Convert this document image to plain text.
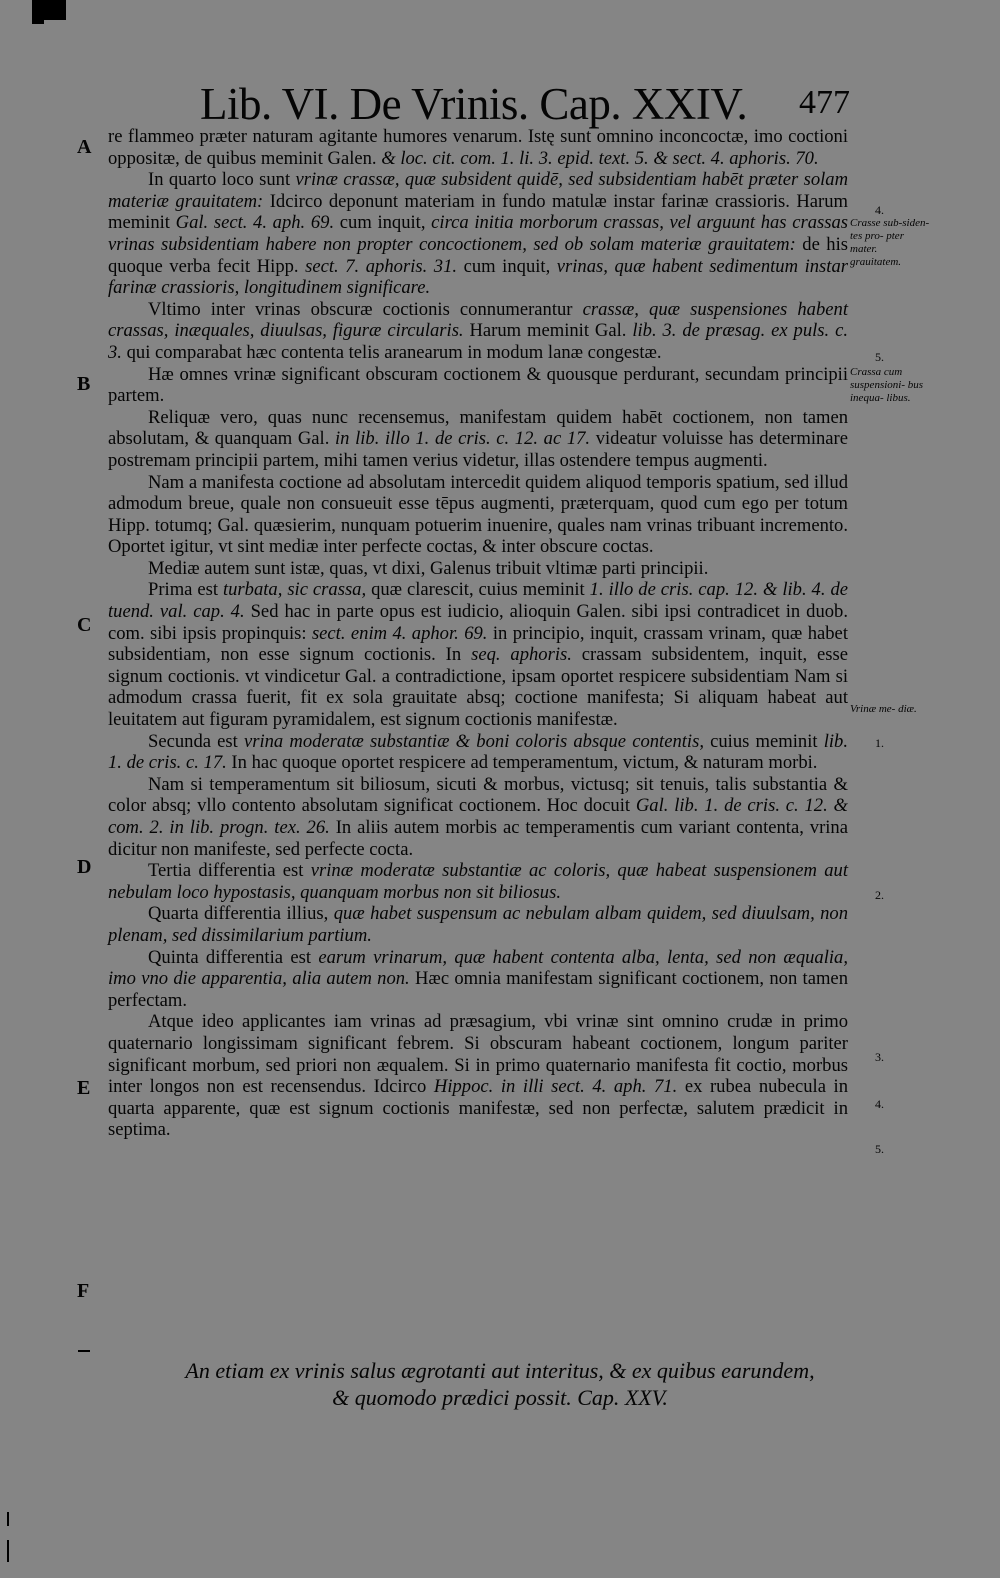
Lib. VI. De Vrinis. Cap. XXIV. 477
A
B
C
D
E
F
4.
Crasse sub-siden- tes pro- pter mater. grauitatem.
5.
Crassa cum suspensioni- bus inequa- libus.
Vrinæ me- diæ.
1.
2.
3.
4.
5.

re flammeo præter naturam agitante humores venarum. Istę sunt omnino inconcoctæ, imo coctioni oppositæ, de quibus meminit Galen. & loc. cit. com. 1. li. 3. epid. text. 5. & sect. 4. aphoris. 70.

In quarto loco sunt vrinæ crassæ, quæ subsident quidē, sed subsidentiam habēt præter solam materiæ grauitatem: Idcirco deponunt materiam in fundo matulæ instar farinæ crassioris. Harum meminit Gal. sect. 4. aph. 69. cum inquit, circa initia morborum crassas, vel arguunt has crassas vrinas subsidentiam habere non propter concoctionem, sed ob solam materiæ grauitatem: de his quoque verba fecit Hipp. sect. 7. aphoris. 31. cum inquit, vrinas, quæ habent sedimentum instar farinæ crassioris, longitudinem significare.

Vltimo inter vrinas obscuræ coctionis connumerantur crassæ, quæ suspensiones habent crassas, inæquales, diuulsas, figuræ circularis. Harum meminit Gal. lib. 3. de præsag. ex puls. c. 3. qui comparabat hæc contenta telis aranearum in modum lanæ congestæ.

Hæ omnes vrinæ significant obscuram coctionem & quousque perdurant, secundam principii partem.

Reliquæ vero, quas nunc recensemus, manifestam quidem habēt coctionem, non tamen absolutam, & quanquam Gal. in lib. illo 1. de cris. c. 12. ac 17. videatur voluisse has determinare postremam principii partem, mihi tamen verius videtur, illas ostendere tempus augmenti.

Nam a manifesta coctione ad absolutam intercedit quidem aliquod temporis spatium, sed illud admodum breue, quale non consueuit esse tēpus augmenti, præterquam, quod cum ego per totum Hipp. totumq; Gal. quæsierim, nunquam potuerim inuenire, quales nam vrinas tribuant incremento. Oportet igitur, vt sint mediæ inter perfecte coctas, & inter obscure coctas.

Mediæ autem sunt istæ, quas, vt dixi, Galenus tribuit vltimæ parti principii.

Prima est turbata, sic crassa, quæ clarescit, cuius meminit 1. illo de cris. cap. 12. & lib. 4. de tuend. val. cap. 4. Sed hac in parte opus est iudicio, alioquin Galen. sibi ipsi contradicet in duob. com. sibi ipsis propinquis: sect. enim 4. aphor. 69. in principio, inquit, crassam vrinam, quæ habet subsidentiam, non esse signum coctionis. In seq. aphoris. crassam subsidentem, inquit, esse signum coctionis. vt vindicetur Gal. a contradictione, ipsam oportet respicere subsidentiam Nam si admodum crassa fuerit, fit ex sola grauitate absq; coctione manifesta; Si aliquam habeat aut leuitatem aut figuram pyramidalem, est signum coctionis manifestæ.

Secunda est vrina moderatæ substantiæ & boni coloris absque contentis, cuius meminit lib. 1. de cris. c. 17. In hac quoque oportet respicere ad temperamentum, victum, & naturam morbi.

Nam si temperamentum sit biliosum, sicuti & morbus, victusq; sit tenuis, talis substantia & color absq; vllo contento absolutam significat coctionem. Hoc docuit Gal. lib. 1. de cris. c. 12. & com. 2. in lib. progn. tex. 26. In aliis autem morbis ac temperamentis cum variant contenta, vrina dicitur non manifeste, sed perfecte cocta.

Tertia differentia est vrinæ moderatæ substantiæ ac coloris, quæ habeat suspensionem aut nebulam loco hypostasis, quanquam morbus non sit biliosus.

Quarta differentia illius, quæ habet suspensum ac nebulam albam quidem, sed diuulsam, non plenam, sed dissimilarium partium.

Quinta differentia est earum vrinarum, quæ habent contenta alba, lenta, sed non æqualia, imo vno die apparentia, alia autem non. Hæc omnia manifestam significant coctionem, non tamen perfectam.

Atque ideo applicantes iam vrinas ad præsagium, vbi vrinæ sint omnino crudæ in primo quaternario longissimam significant febrem. Si obscuram habeant coctionem, longum pariter significant morbum, sed priori non æqualem. Si in primo quaternario manifesta fit coctio, morbus inter longos non est recensendus. Idcirco Hippoc. in illi sect. 4. aph. 71. ex rubea nubecula in quarta apparente, quæ est signum coctionis manifestæ, sed non perfectæ, salutem prædicit in septima.

An etiam ex vrinis salus ægrotanti aut interitus, & ex quibus earundem,
& quomodo prædici possit. Cap. XXV.
